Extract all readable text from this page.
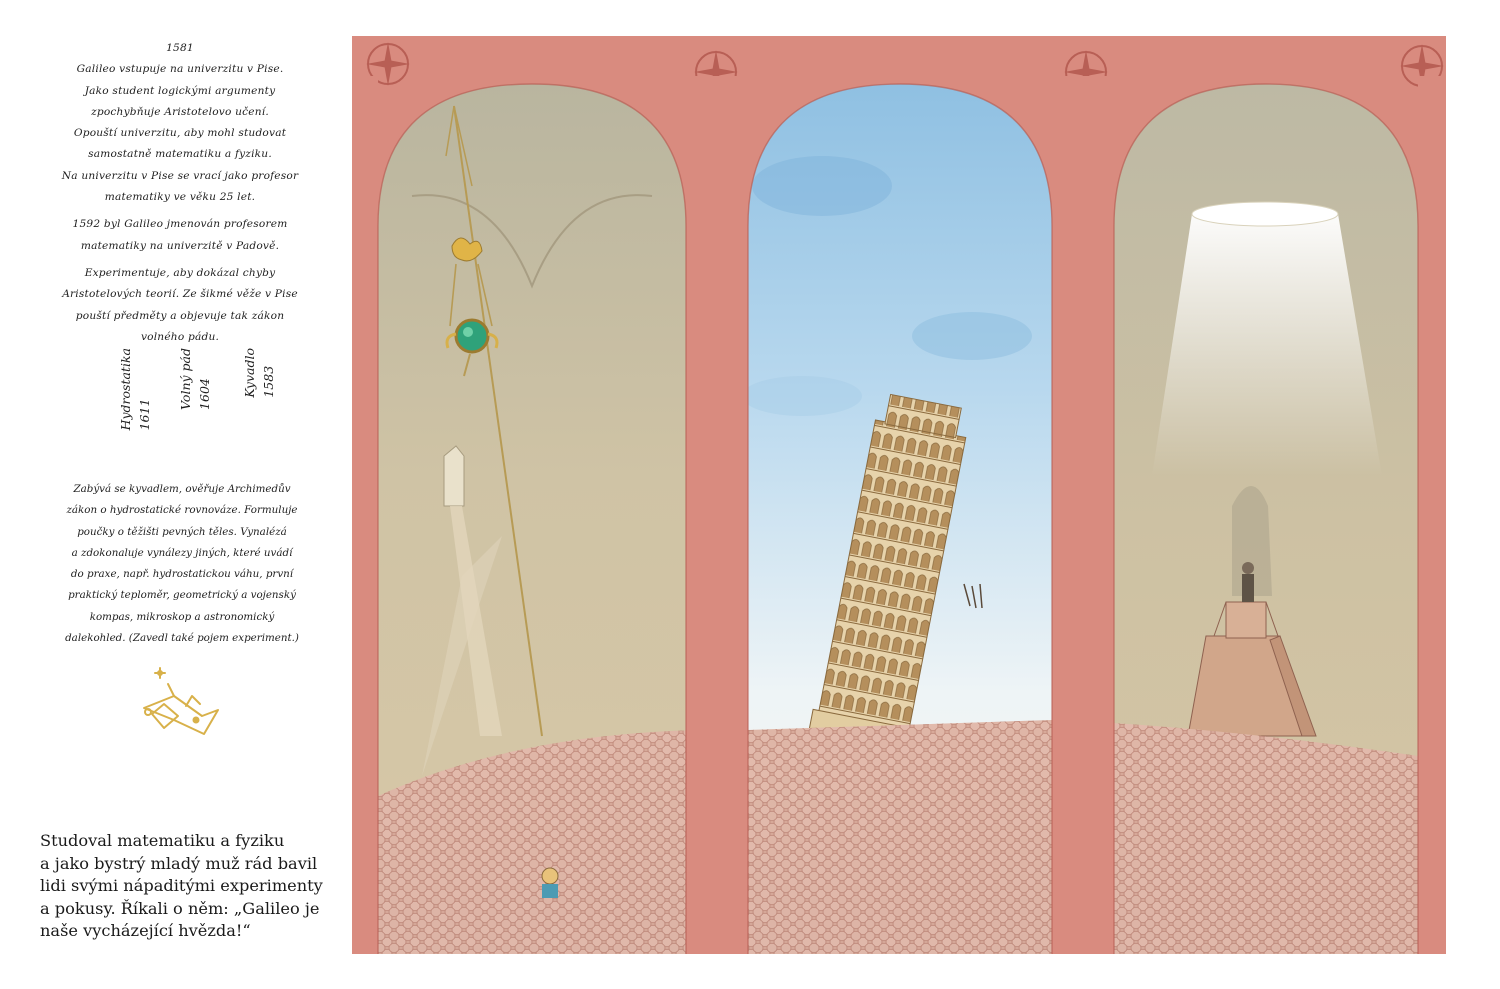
1581
Galileo vstupuje na univerzitu v Pise.
Jako student logickými argumenty
zpochybňuje Aristotelovo učení.
Opouští univerzitu, aby mohl studovat
samostatně matematiku a fyziku.
Na univerzitu v Pise se vrací jako profesor
matematiky ve věku 25 let.
1592 byl Galileo jmenován profesorem
matematiky na univerzitě v Padově.
Experimentuje, aby dokázal chyby
Aristotelových teorií. Ze šikmé věže v Pise
pouští předměty a objevuje tak zákon
volného pádu.
Kyvadlo
1583
Volný pád
1604
Hydrostatika
1611
Zabývá se kyvadlem, ověřuje Archimedův
zákon o hydrostatické rovnováze. Formuluje
poučky o těžišti pevných těles. Vynalézá
a zdokonaluje vynálezy jiných, které uvádí
do praxe, např. hydrostatickou váhu, první
praktický teploměr, geometrický a vojenský
kompas, mikroskop a astronomický
dalekohled. (Zavedl také pojem experiment.)
Studoval matematiku a fyziku
a jako bystrý mladý muž rád bavil
lidi svými nápaditými experimenty
a pokusy. Říkali o něm: „Galileo je
naše vycházející hvězda!“
